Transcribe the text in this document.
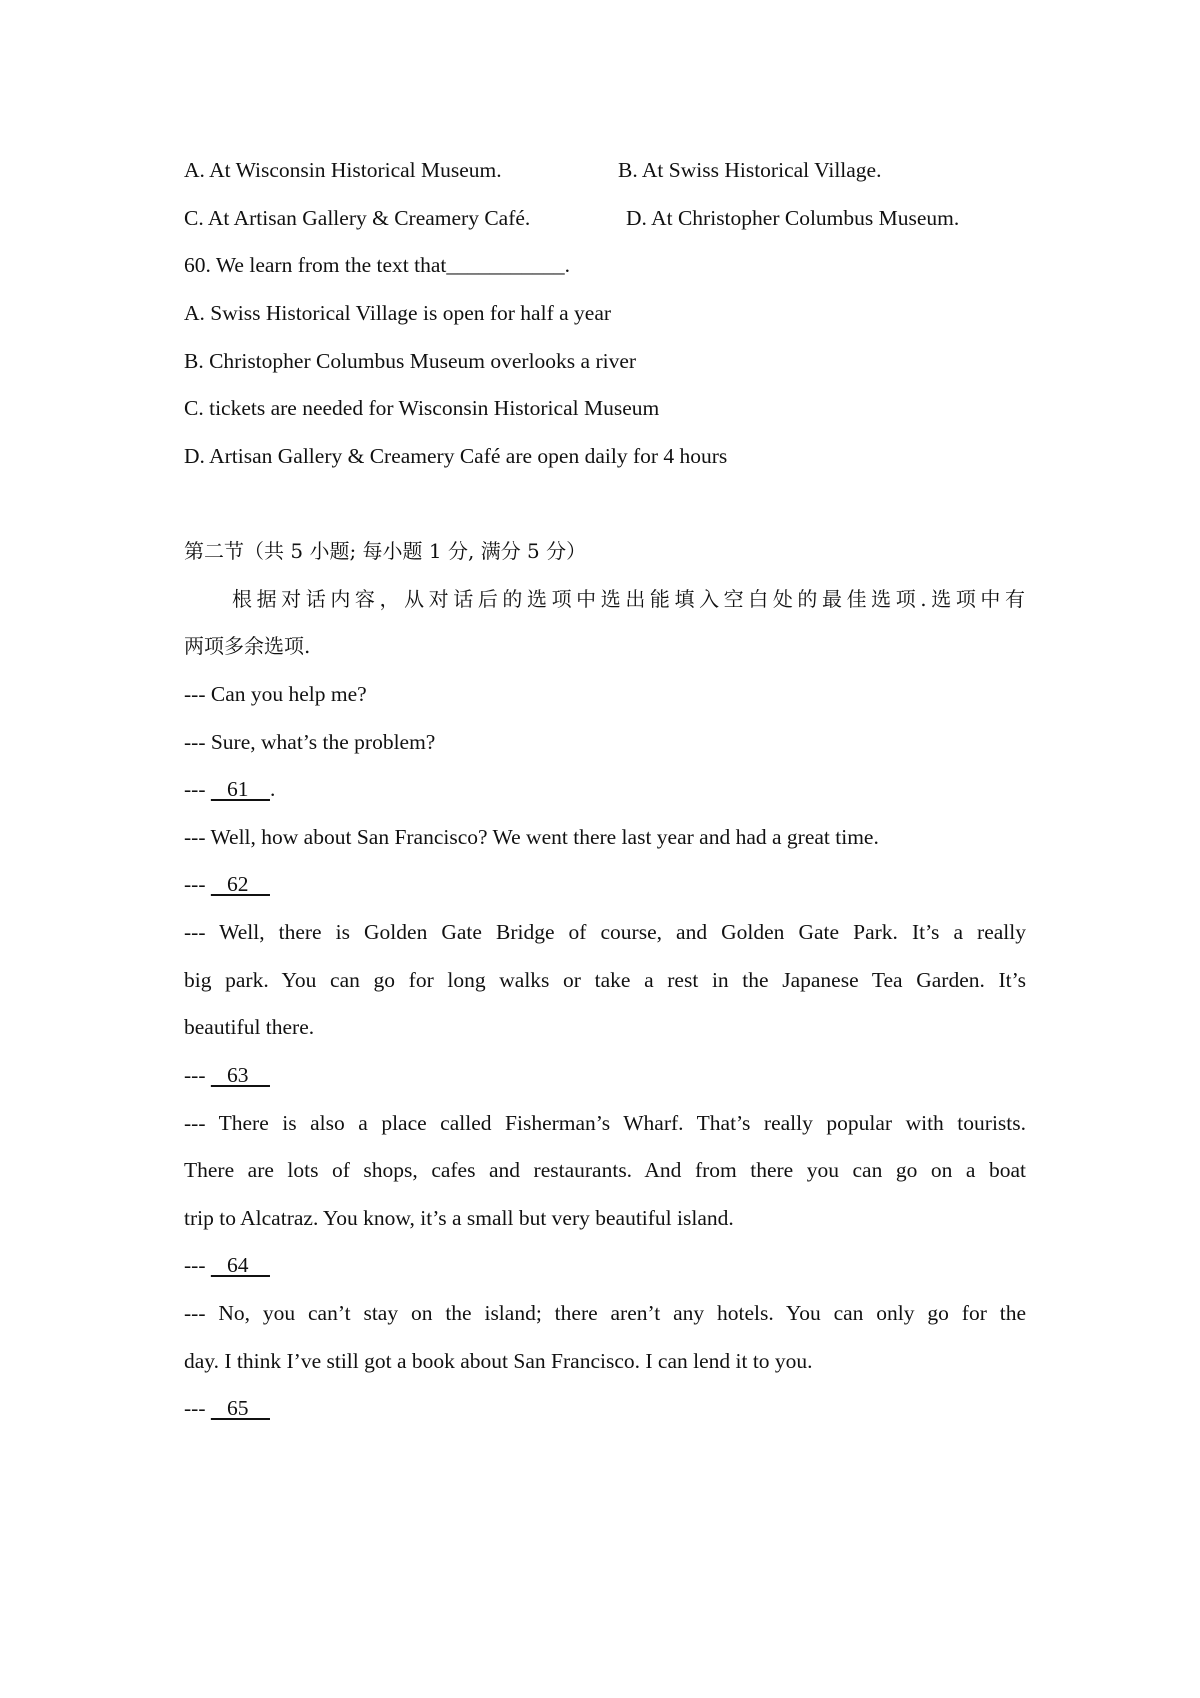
A. At Wisconsin Historical Museum.	B. At Swiss Historical Village.
C. At Artisan Gallery & Creamery Café.	D. At Christopher Columbus Museum.
60. We learn from the text that___________.
A. Swiss Historical Village is open for half a year
B. Christopher Columbus Museum overlooks a river
C. tickets are needed for Wisconsin Historical Museum
D. Artisan Gallery & Creamery Café are open daily for 4 hours
第二节（共 5 小题; 每小题 1 分, 满分 5 分）
根据对话内容，从对话后的选项中选出能填入空白处的最佳选项.选项中有
两项多余选项.
--- Can you help me?
--- Sure, what’s the problem?
---    61    .
--- Well, how about San Francisco? We went there last year and had a great time.
---    62
--- Well, there is Golden Gate Bridge of course, and Golden Gate Park. It’s a really
big park. You can go for long walks or take a rest in the Japanese Tea Garden. It’s
beautiful there.
---    63
--- There is also a place called Fisherman’s Wharf. That’s really popular with tourists.
There are lots of shops, cafes and restaurants. And from there you can go on a boat
trip to Alcatraz. You know, it’s a small but very beautiful island.
---    64
--- No, you can’t stay on the island; there aren’t any hotels. You can only go for the
day. I think I’ve still got a book about San Francisco. I can lend it to you.
---    65
